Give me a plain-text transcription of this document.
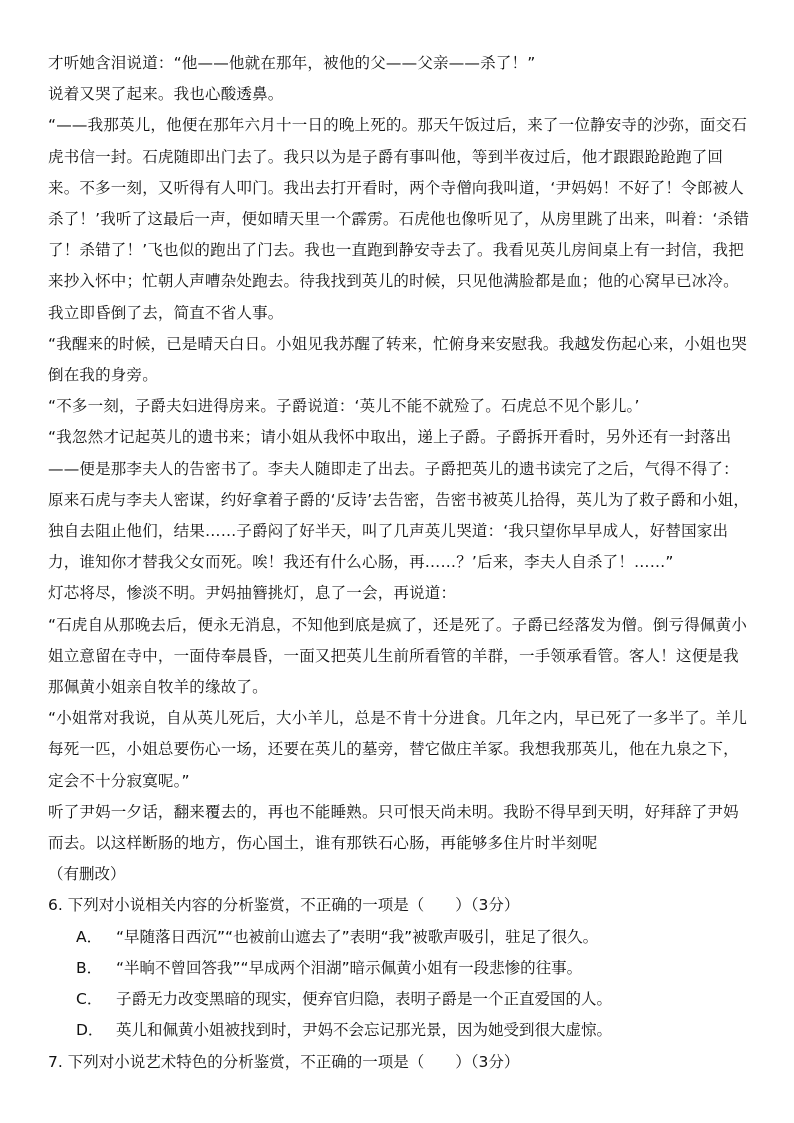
才听她含泪说道：“他——他就在那年，被他的父——父亲——杀了！”

说着又哭了起来。我也心酸透鼻。

“——我那英儿，他便在那年六月十一日的晚上死的。那天午饭过后，来了一位静安寺的沙弥，面交石虎书信一封。石虎随即出门去了。我只以为是子爵有事叫他，等到半夜过后，他才跟跟跄跄跑了回来。不多一刻，又听得有人叩门。我出去打开看时，两个寺僧向我叫道，‘尹妈妈！不好了！令郎被人杀了！’我听了这最后一声，便如晴天里一个霹雳。石虎他也像听见了，从房里跳了出来，叫着：‘杀错了！杀错了！’飞也似的跑出了门去。我也一直跑到静安寺去了。我看见英儿房间桌上有一封信，我把来抄入怀中；忙朝人声嘈杂处跑去。待我找到英儿的时候，只见他满脸都是血；他的心窝早已冰冷。我立即昏倒了去，简直不省人事。

“我醒来的时候，已是晴天白日。小姐见我苏醒了转来，忙俯身来安慰我。我越发伤起心来，小姐也哭倒在我的身旁。

“不多一刻，子爵夫妇进得房来。子爵说道：‘英儿不能不就殓了。石虎总不见个影儿。’

“我忽然才记起英儿的遗书来；请小姐从我怀中取出，递上子爵。子爵拆开看时，另外还有一封落出——便是那李夫人的告密书了。李夫人随即走了出去。子爵把英儿的遗书读完了之后，气得不得了：原来石虎与李夫人密谋，约好拿着子爵的‘反诗’去告密，告密书被英儿拾得，英儿为了救子爵和小姐，独自去阻止他们，结果……子爵闷了好半天，叫了几声英儿哭道：‘我只望你早早成人，好替国家出力，谁知你才替我父女而死。唉！我还有什么心肠，再……？’后来，李夫人自杀了！……”

灯芯将尽，惨淡不明。尹妈抽簪挑灯，息了一会，再说道：

“石虎自从那晚去后，便永无消息，不知他到底是疯了，还是死了。子爵已经落发为僧。倒亏得佩黄小姐立意留在寺中，一面侍奉晨昏，一面又把英儿生前所看管的羊群，一手领承看管。客人！这便是我那佩黄小姐亲自牧羊的缘故了。

“小姐常对我说，自从英儿死后，大小羊儿，总是不肯十分进食。几年之内，早已死了一多半了。羊儿每死一匹，小姐总要伤心一场，还要在英儿的墓旁，替它做庄羊冢。我想我那英儿，他在九泉之下，定会不十分寂寞呢。”

听了尹妈一夕话，翻来覆去的，再也不能睡熟。只可恨天尚未明。我盼不得早到天明，好拜辞了尹妈而去。以这样断肠的地方，伤心国土，谁有那铁石心肠，再能够多住片时半刻呢

（有删改）

6. 下列对小说相关内容的分析鉴赏，不正确的一项是（　　）（3分）

A． “早随落日西沉”“也被前山遮去了”表明“我”被歌声吸引，驻足了很久。
B． “半晌不曾回答我”“早成两个泪湖”暗示佩黄小姐有一段悲惨的往事。
C． 子爵无力改变黑暗的现实，便弃官归隐，表明子爵是一个正直爱国的人。
D． 英儿和佩黄小姐被找到时，尹妈不会忘记那光景，因为她受到很大虚惊。

7. 下列对小说艺术特色的分析鉴赏，不正确的一项是（　　）（3分）
